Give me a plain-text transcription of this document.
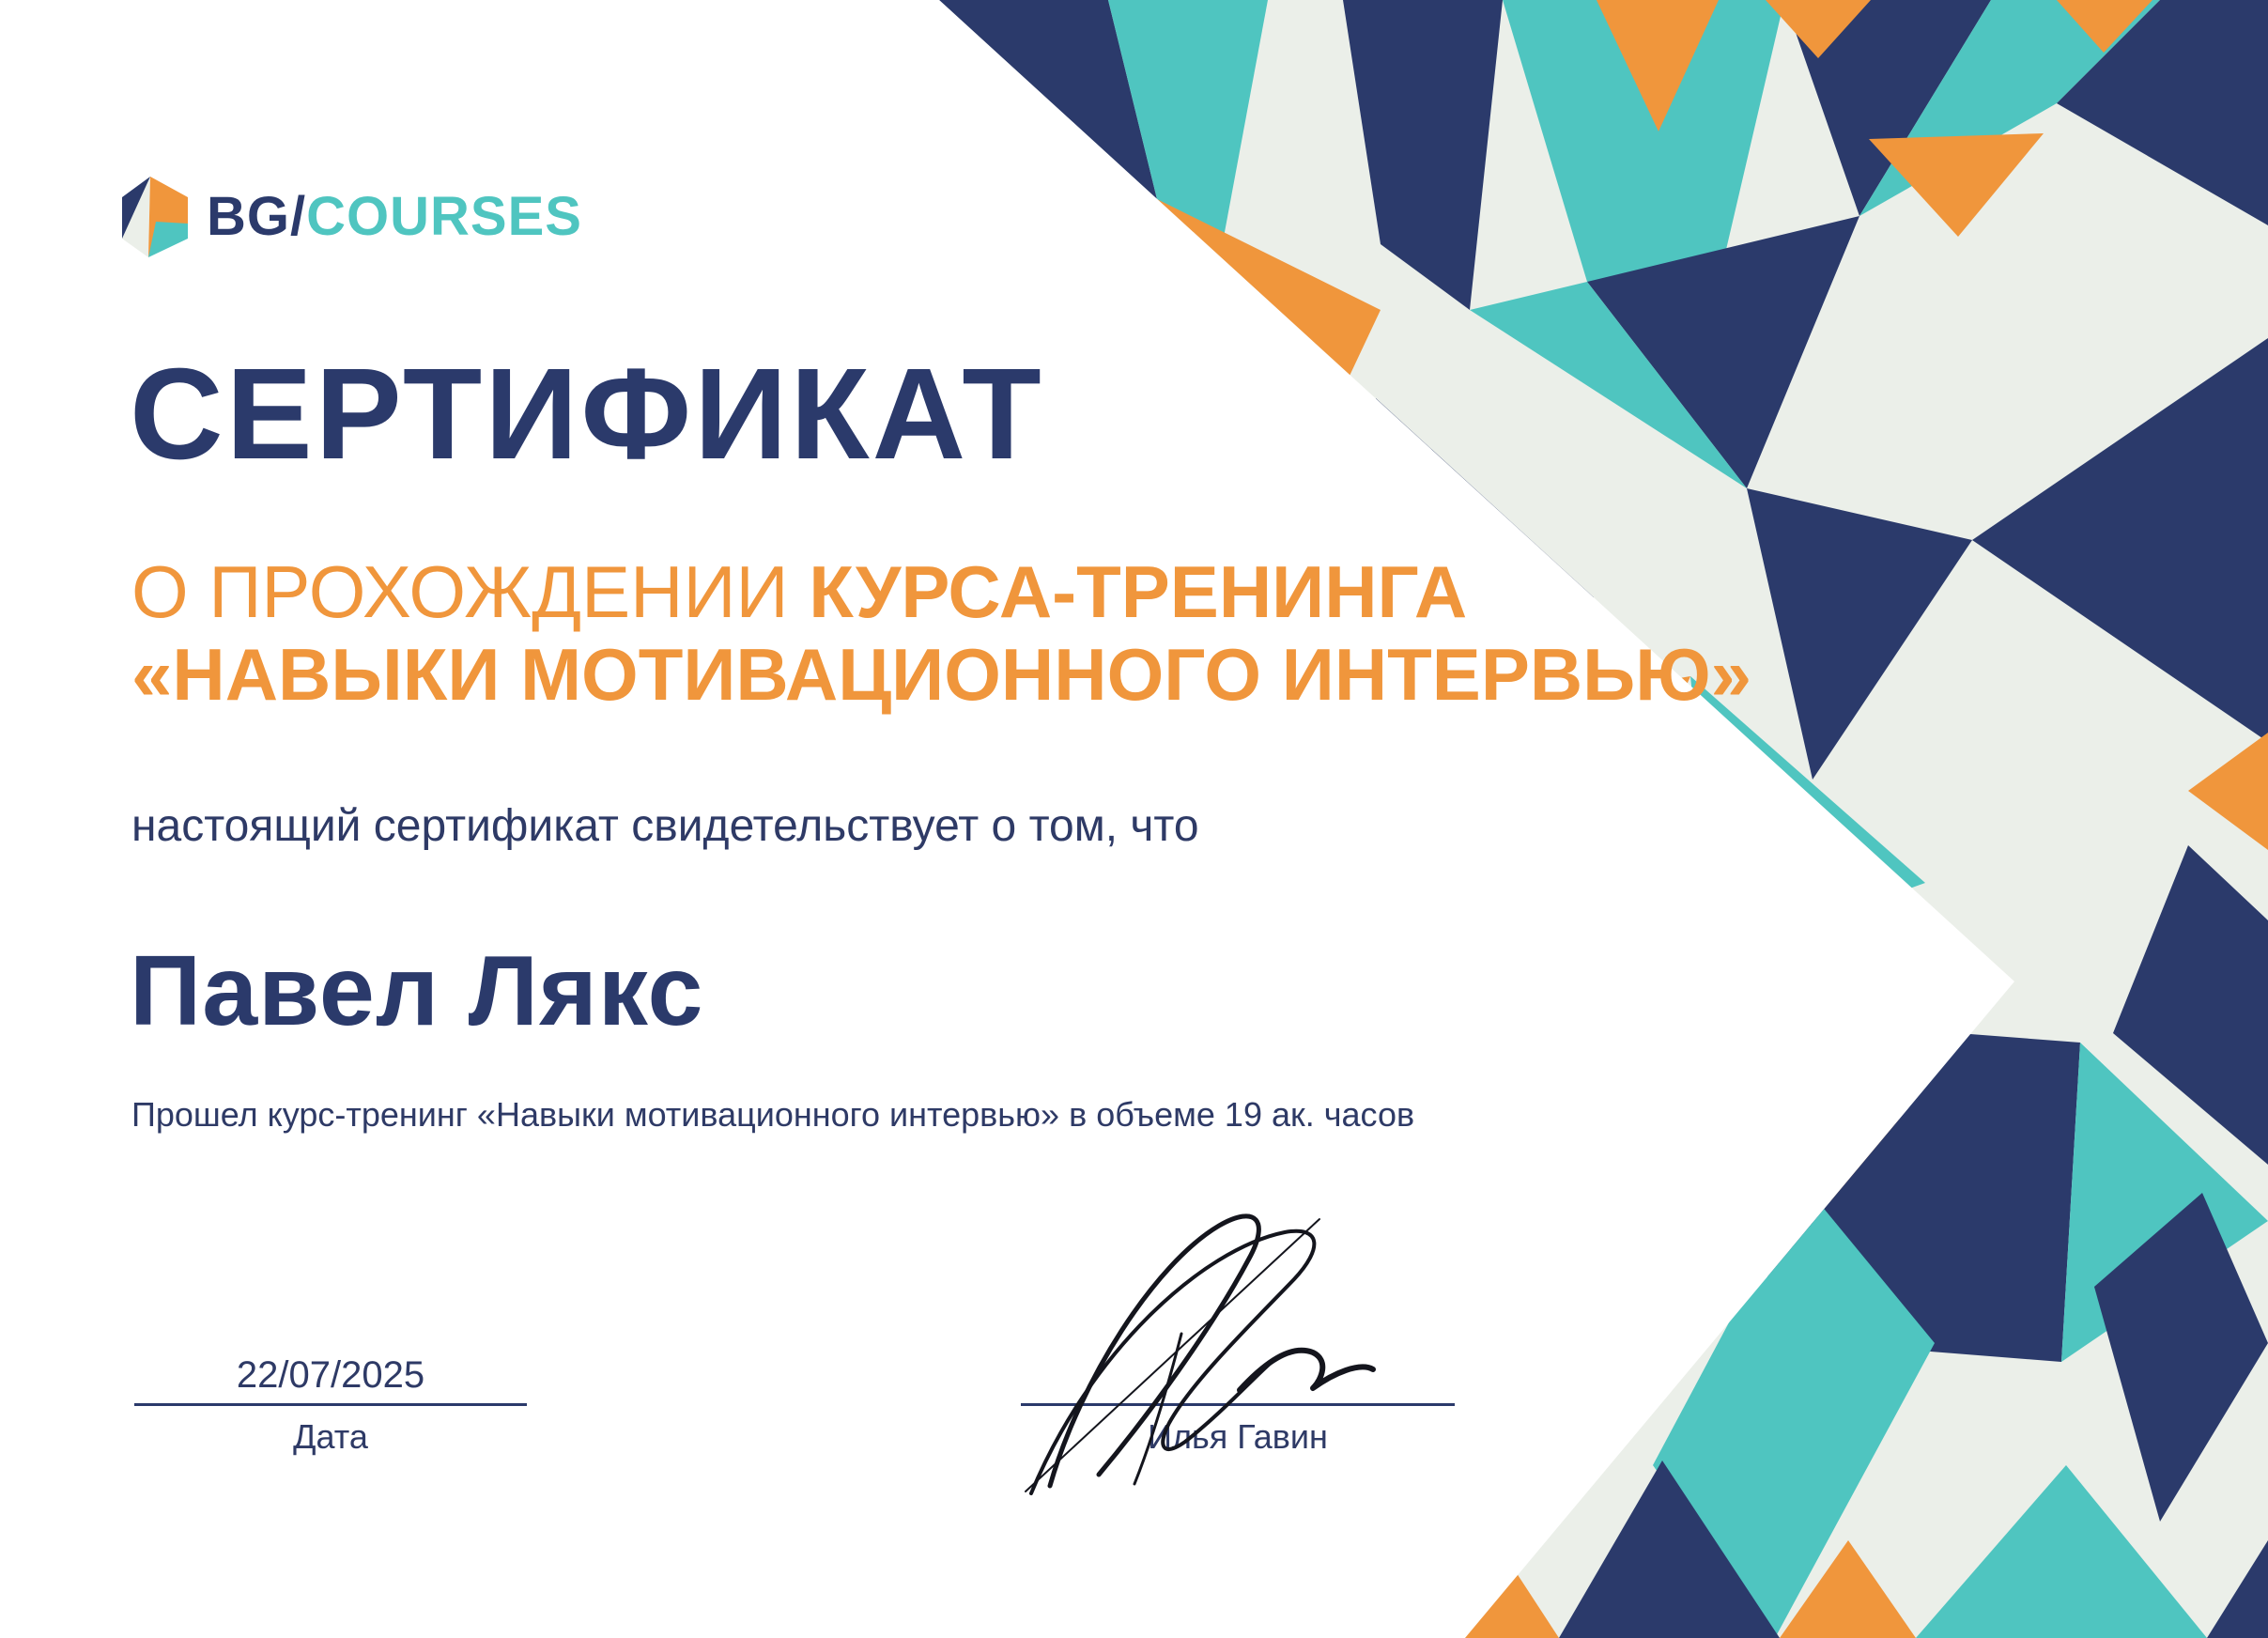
BG/COURSES
СЕРТИФИКАТ
О ПРОХОЖДЕНИИ КУРСА-ТРЕНИНГА
«НАВЫКИ МОТИВАЦИОННОГО ИНТЕРВЬЮ»
настоящий сертификат свидетельствует о том, что
Павел Лякс
Прошел курс-тренинг «Навыки мотивационного интервью» в объеме 19 ак. часов
22/07/2025
Дата	Илья Гавин
